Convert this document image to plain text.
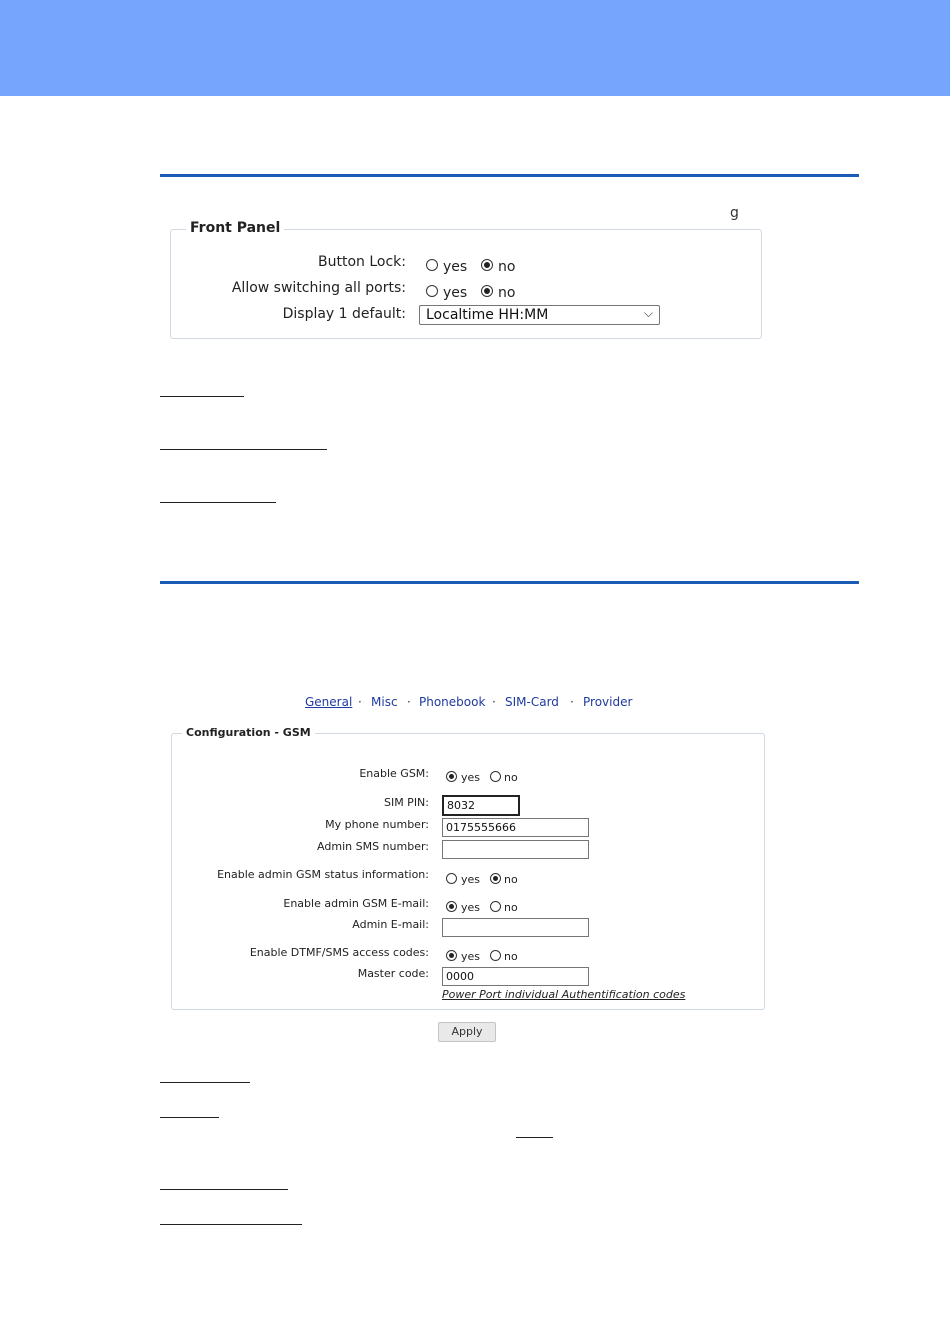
g
Front Panel
Button Lock:	yes no
Allow switching all ports:	yes no
Display 1 default:	Localtime HH:MM	⌵
General · Misc · Phonebook · SIM-Card · Provider
Configuration - GSM
Enable GSM:	yes no
SIM PIN:	8032
My phone number:	0175555666
Admin SMS number:
Enable admin GSM status information:	yes no
Enable admin GSM E-mail:	yes no
Admin E-mail:
Enable DTMF/SMS access codes:	yes no
Master code:	0000
Power Port individual Authentification codes
Apply
